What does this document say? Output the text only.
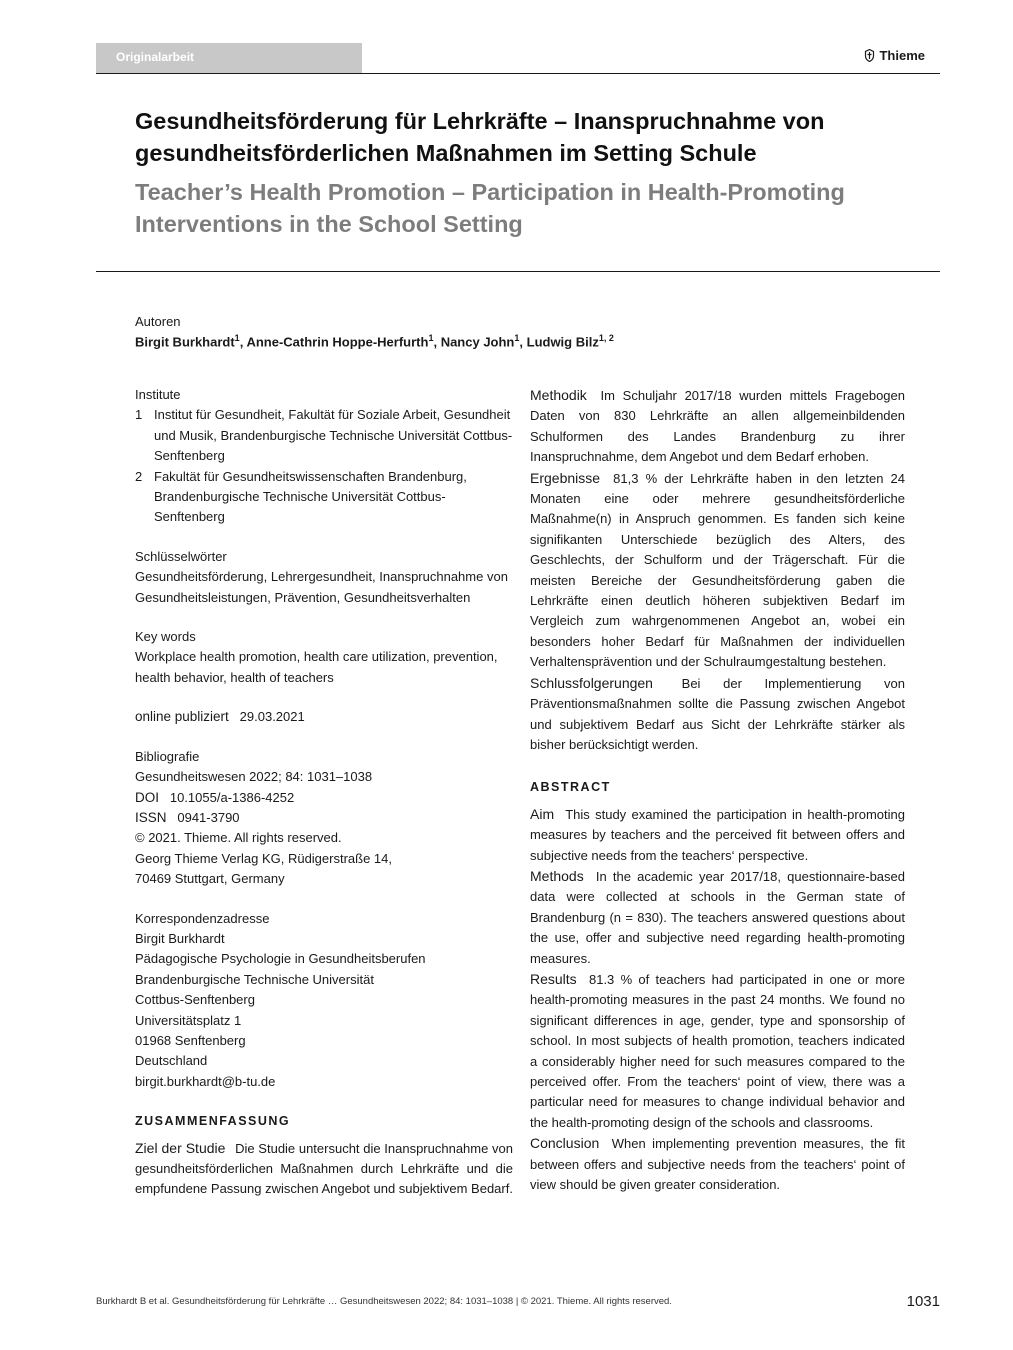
Originalarbeit	Thieme
Gesundheitsförderung für Lehrkräfte – Inanspruchnahme von gesundheitsförderlichen Maßnahmen im Setting Schule
Teacher’s Health Promotion – Participation in Health-Promoting Interventions in the School Setting
Autoren
Birgit Burkhardt$^1$, Anne-Cathrin Hoppe-Herfurth$^1$, Nancy John$^1$, Ludwig Bilz$^{1, 2}$
Institute
1 Institut für Gesundheit, Fakultät für Soziale Arbeit, Gesundheit und Musik, Brandenburgische Technische Universität Cottbus-Senftenberg
2 Fakultät für Gesundheitswissenschaften Brandenburg, Brandenburgische Technische Universität Cottbus-Senftenberg
Schlüsselwörter
Gesundheitsförderung, Lehrergesundheit, Inanspruchnahme von Gesundheitsleistungen, Prävention, Gesundheitsverhalten
Key words
Workplace health promotion, health care utilization, prevention, health behavior, health of teachers
online publiziert 29.03.2021
Bibliografie
Gesundheitswesen 2022; 84: 1031–1038
DOI 10.1055/a-1386-4252
ISSN 0941-3790
© 2021. Thieme. All rights reserved.
Georg Thieme Verlag KG, Rüdigerstraße 14,
70469 Stuttgart, Germany
Korrespondenzadresse
Birgit Burkhardt
Pädagogische Psychologie in Gesundheitsberufen
Brandenburgische Technische Universität
Cottbus-Senftenberg
Universitätsplatz 1
01968 Senftenberg
Deutschland
birgit.burkhardt@b-tu.de
ZUSAMMENFASSUNG

Ziel der Studie Die Studie untersucht die Inanspruchnahme von gesundheitsförderlichen Maßnahmen durch Lehrkräfte und die empfundene Passung zwischen Angebot und subjektivem Bedarf.

Methodik Im Schuljahr 2017/18 wurden mittels Fragebogen Daten von 830 Lehrkräfte an allen allgemeinbildenden Schulformen des Landes Brandenburg zu ihrer Inanspruchnahme, dem Angebot und dem Bedarf erhoben.

Ergebnisse 81,3 % der Lehrkräfte haben in den letzten 24 Monaten eine oder mehrere gesundheitsförderliche Maßnahme(n) in Anspruch genommen. Es fanden sich keine signifikanten Unterschiede bezüglich des Alters, des Geschlechts, der Schulform und der Trägerschaft. Für die meisten Bereiche der Gesundheitsförderung gaben die Lehrkräfte einen deutlich höheren subjektiven Bedarf im Vergleich zum wahrgenommenen Angebot an, wobei ein besonders hoher Bedarf für Maßnahmen der individuellen Verhaltensprävention und der Schulraumgestaltung bestehen.

Schlussfolgerungen Bei der Implementierung von Präventionsmaßnahmen sollte die Passung zwischen Angebot und subjektivem Bedarf aus Sicht der Lehrkräfte stärker als bisher berücksichtigt werden.

ABSTRACT

Aim This study examined the participation in health-promoting measures by teachers and the perceived fit between offers and subjective needs from the teachers‘ perspective.

Methods In the academic year 2017/18, questionnaire-based data were collected at schools in the German state of Brandenburg (n = 830). The teachers answered questions about the use, offer and subjective need regarding health-promoting measures.

Results 81.3 % of teachers had participated in one or more health-promoting measures in the past 24 months. We found no significant differences in age, gender, type and sponsorship of school. In most subjects of health promotion, teachers indicated a considerably higher need for such measures compared to the perceived offer. From the teachers‘ point of view, there was a particular need for measures to change individual behavior and the health-promoting design of the schools and classrooms.

Conclusion When implementing prevention measures, the fit between offers and subjective needs from the teachers‘ point of view should be given greater consideration.

Burkhardt B et al. Gesundheitsförderung für Lehrkräfte … Gesundheitswesen 2022; 84: 1031–1038 | © 2021. Thieme. All rights reserved.	1031
